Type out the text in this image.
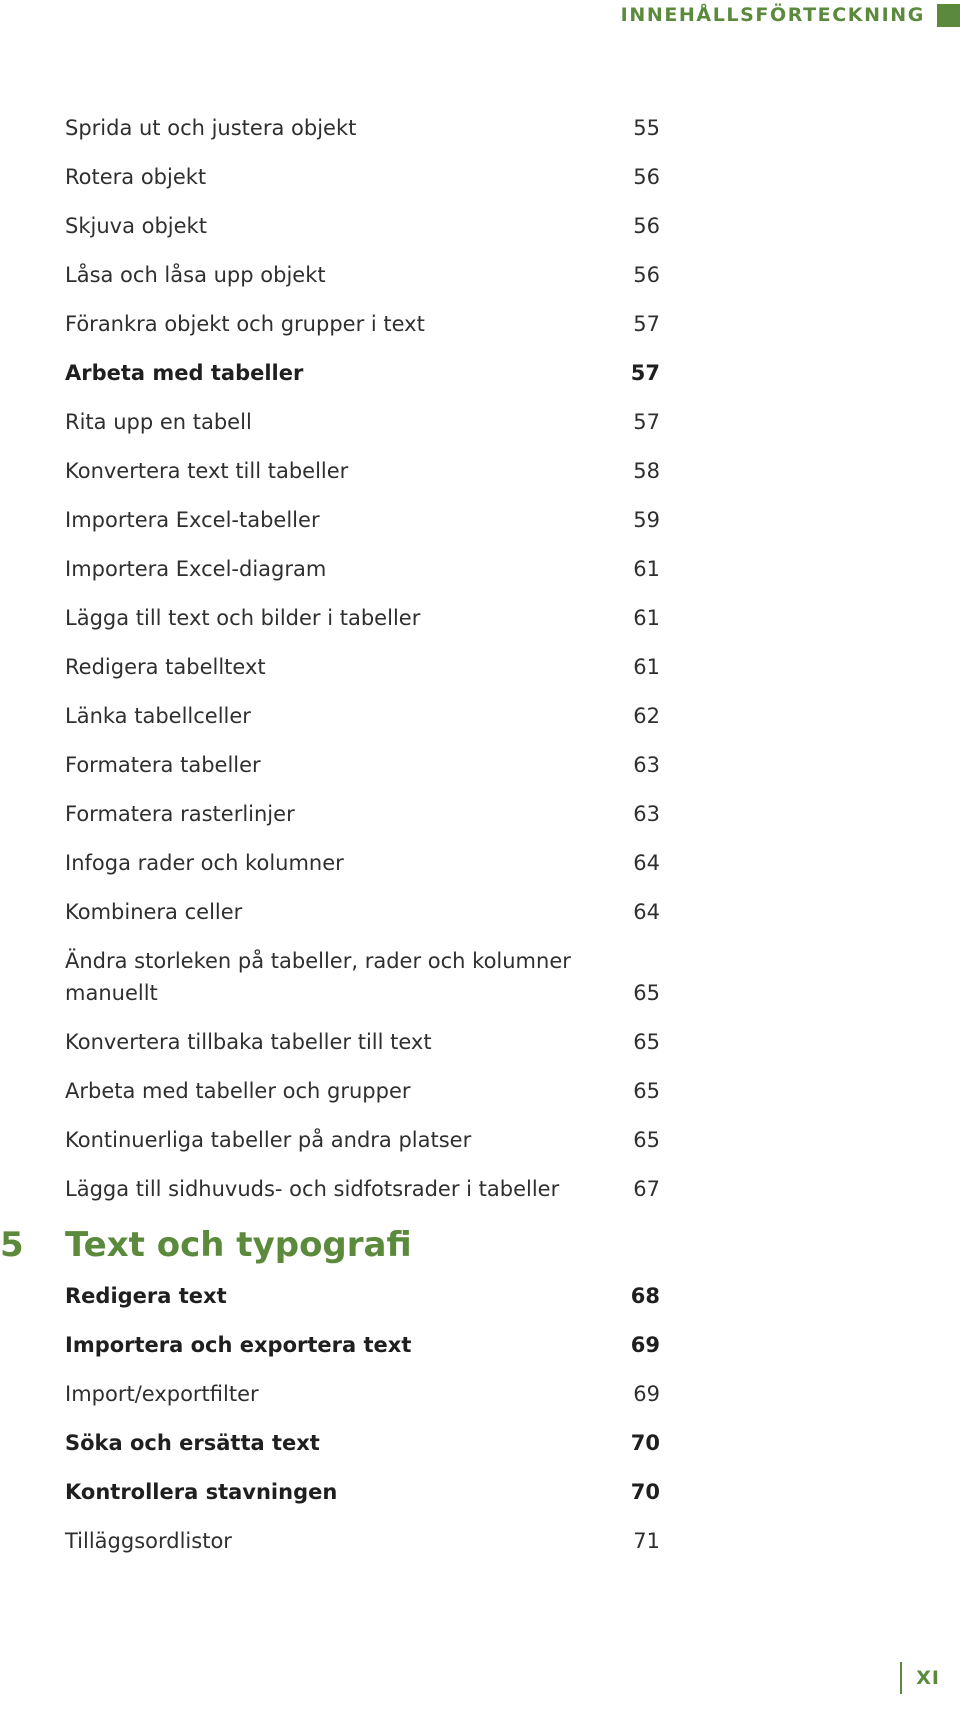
INNEHÅLLSFÖRTECKNING
Sprida ut och justera objekt	55
Rotera objekt	56
Skjuva objekt	56
Låsa och låsa upp objekt	56
Förankra objekt och grupper i text	57
Arbeta med tabeller	57
Rita upp en tabell	57
Konvertera text till tabeller	58
Importera Excel-tabeller	59
Importera Excel-diagram	61
Lägga till text och bilder i tabeller	61
Redigera tabelltext	61
Länka tabellceller	62
Formatera tabeller	63
Formatera rasterlinjer	63
Infoga rader och kolumner	64
Kombinera celler	64
Ändra storleken på tabeller, rader och kolumner manuellt	65
Konvertera tillbaka tabeller till text	65
Arbeta med tabeller och grupper	65
Kontinuerliga tabeller på andra platser	65
Lägga till sidhuvuds- och sidfotsrader i tabeller	67
5 Text och typografi
Redigera text	68
Importera och exportera text	69
Import/exportfilter	69
Söka och ersätta text	70
Kontrollera stavningen	70
Tilläggsordlistor	71
XI
